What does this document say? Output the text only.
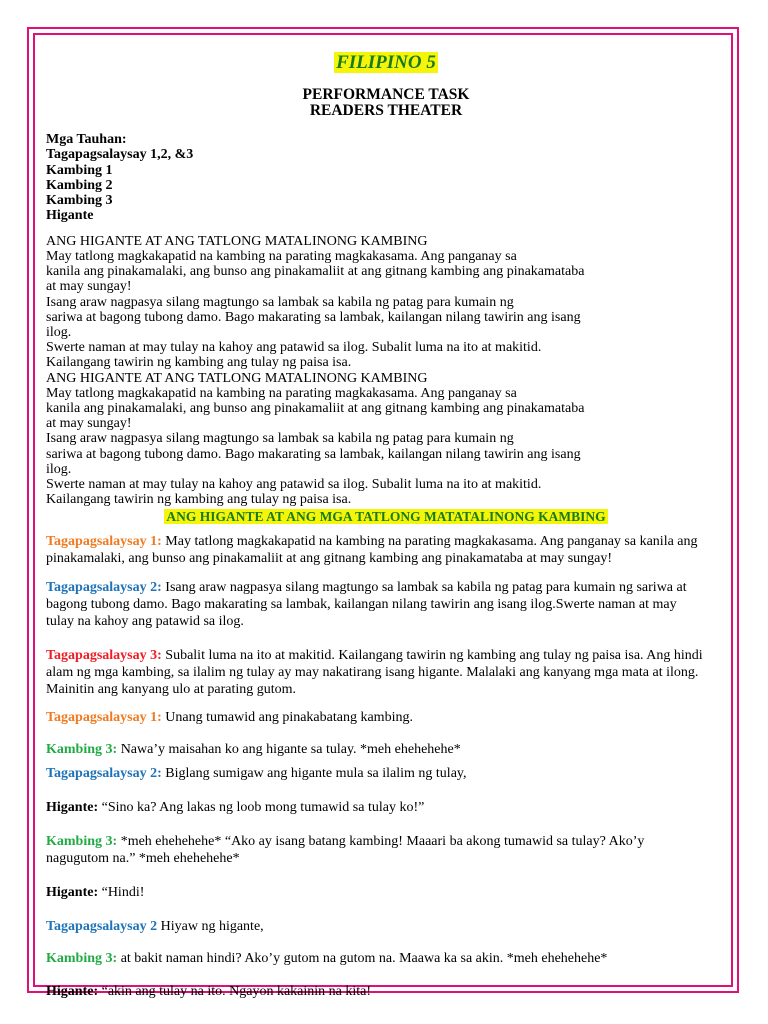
FILIPINO 5
PERFORMANCE TASK
READERS THEATER
Mga Tauhan:
Tagapagsalaysay 1,2, &3
Kambing 1
Kambing 2
Kambing 3
Higante
ANG HIGANTE AT ANG TATLONG MATALINONG KAMBING
May tatlong magkakapatid na kambing na parating magkakasama. Ang panganay sa
kanila ang pinakamalaki, ang bunso ang pinakamaliit at ang gitnang kambing ang pinakamataba
at may sungay!
Isang araw nagpasya silang magtungo sa lambak sa kabila ng patag para kumain ng
sariwa at bagong tubong damo. Bago makarating sa lambak, kailangan nilang tawirin ang isang
ilog.
Swerte naman at may tulay na kahoy ang patawid sa ilog. Subalit luma na ito at makitid.
Kailangang tawirin ng kambing ang tulay ng paisa isa.
ANG HIGANTE AT ANG TATLONG MATALINONG KAMBING
May tatlong magkakapatid na kambing na parating magkakasama. Ang panganay sa
kanila ang pinakamalaki, ang bunso ang pinakamaliit at ang gitnang kambing ang pinakamataba
at may sungay!
Isang araw nagpasya silang magtungo sa lambak sa kabila ng patag para kumain ng
sariwa at bagong tubong damo. Bago makarating sa lambak, kailangan nilang tawirin ang isang
ilog.
Swerte naman at may tulay na kahoy ang patawid sa ilog. Subalit luma na ito at makitid.
Kailangang tawirin ng kambing ang tulay ng paisa isa.
ANG HIGANTE AT ANG MGA TATLONG MATATALINONG KAMBING

Tagapagsalaysay 1: May tatlong magkakapatid na kambing na parating magkakasama. Ang panganay sa kanila ang pinakamalaki, ang bunso ang pinakamaliit at ang gitnang kambing ang pinakamataba at may sungay!

Tagapagsalaysay 2: Isang araw nagpasya silang magtungo sa lambak sa kabila ng patag para kumain ng sariwa at bagong tubong damo. Bago makarating sa lambak, kailangan nilang tawirin ang isang ilog.Swerte naman at may tulay na kahoy ang patawid sa ilog.

Tagapagsalaysay 3: Subalit luma na ito at makitid. Kailangang tawirin ng kambing ang tulay ng paisa isa. Ang hindi alam ng mga kambing, sa ilalim ng tulay ay may nakatirang isang higante. Malalaki ang kanyang mga mata at ilong. Mainitin ang kanyang ulo at parating gutom.

Tagapagsalaysay 1: Unang tumawid ang pinakabatang kambing.

Kambing 3: Nawa’y maisahan ko ang higante sa tulay. *meh ehehehehe*

Tagapagsalaysay 2: Biglang sumigaw ang higante mula sa ilalim ng tulay,

Higante: “Sino ka? Ang lakas ng loob mong tumawid sa tulay ko!”

Kambing 3: *meh ehehehehe* “Ako ay isang batang kambing! Maaari ba akong tumawid sa tulay? Ako’y nagugutom na.” *meh ehehehehe*

Higante: “Hindi!

Tagapagsalaysay 2 Hiyaw ng higante,

Kambing 3: at bakit naman hindi? Ako’y gutom na gutom na. Maawa ka sa akin. *meh ehehehehe*

Higante: “akin ang tulay na ito. Ngayon kakainin na kita!
